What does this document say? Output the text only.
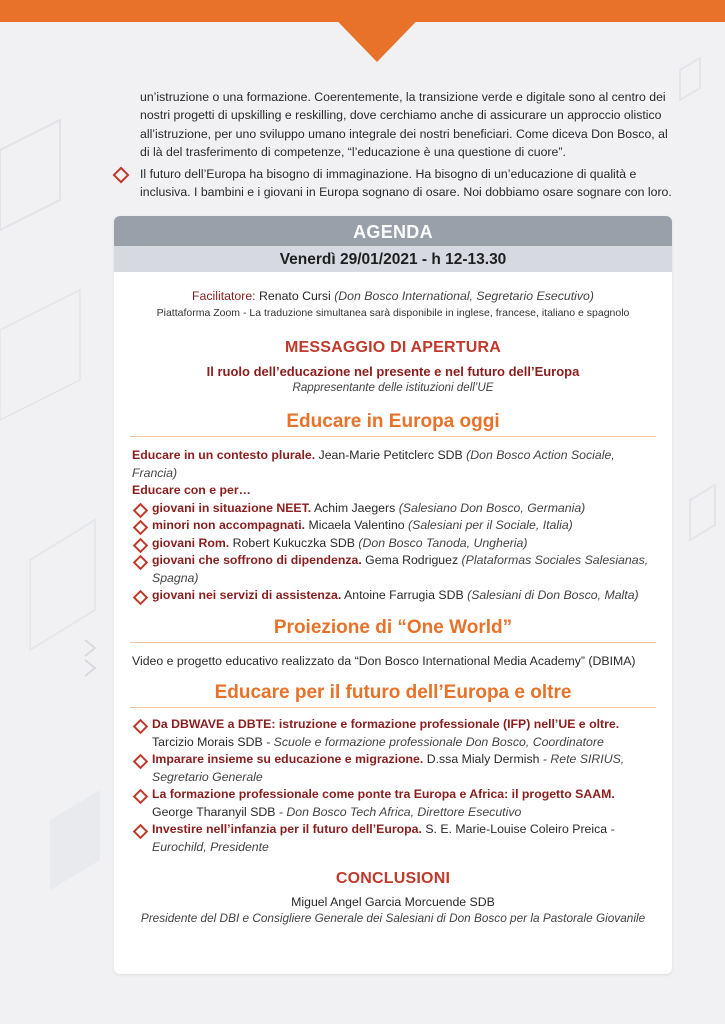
un’istruzione o una formazione. Coerentemente, la transizione verde e digitale sono al centro dei nostri progetti di upskilling e reskilling, dove cerchiamo anche di assicurare un approccio olistico all’istruzione, per uno sviluppo umano integrale dei nostri beneficiari. Come diceva Don Bosco, al di là del trasferimento di competenze, “l’educazione è una questione di cuore”.

Il futuro dell’Europa ha bisogno di immaginazione. Ha bisogno di un’educazione di qualità e inclusiva. I bambini e i giovani in Europa sognano di osare. Noi dobbiamo osare sognare con loro.

AGENDA
Venerdì 29/01/2021 - h 12-13.30
Facilitatore: Renato Cursi (Don Bosco International, Segretario Esecutivo)
Piattaforma Zoom - La traduzione simultanea sarà disponibile in inglese, francese, italiano e spagnolo
MESSAGGIO DI APERTURA
Il ruolo dell’educazione nel presente e nel futuro dell’Europa
Rappresentante delle istituzioni dell’UE
Educare in Europa oggi
Educare in un contesto plurale. Jean-Marie Petitclerc SDB (Don Bosco Action Sociale, Francia)
Educare con e per…
giovani in situazione NEET. Achim Jaegers (Salesiano Don Bosco, Germania)
minori non accompagnati. Micaela Valentino (Salesiani per il Sociale, Italia)
giovani Rom. Robert Kukuczka SDB (Don Bosco Tanoda, Ungheria)
giovani che soffrono di dipendenza. Gema Rodriguez (Plataformas Sociales Salesianas, Spagna)
giovani nei servizi di assistenza. Antoine Farrugia SDB (Salesiani di Don Bosco, Malta)
Proiezione di “One World”
Video e progetto educativo realizzato da “Don Bosco International Media Academy” (DBIMA)
Educare per il futuro dell’Europa e oltre
Da DBWAVE a DBTE: istruzione e formazione professionale (IFP) nell’UE e oltre. Tarcizio Morais SDB - Scuole e formazione professionale Don Bosco, Coordinatore
Imparare insieme su educazione e migrazione. D.ssa Mialy Dermish - Rete SIRIUS, Segretario Generale
La formazione professionale come ponte tra Europa e Africa: il progetto SAAM. George Tharanyil SDB - Don Bosco Tech Africa, Direttore Esecutivo
Investire nell’infanzia per il futuro dell’Europa. S. E. Marie-Louise Coleiro Preica - Eurochild, Presidente
CONCLUSIONI
Miguel Angel Garcia Morcuende SDB
Presidente del DBI e Consigliere Generale dei Salesiani di Don Bosco per la Pastorale Giovanile
